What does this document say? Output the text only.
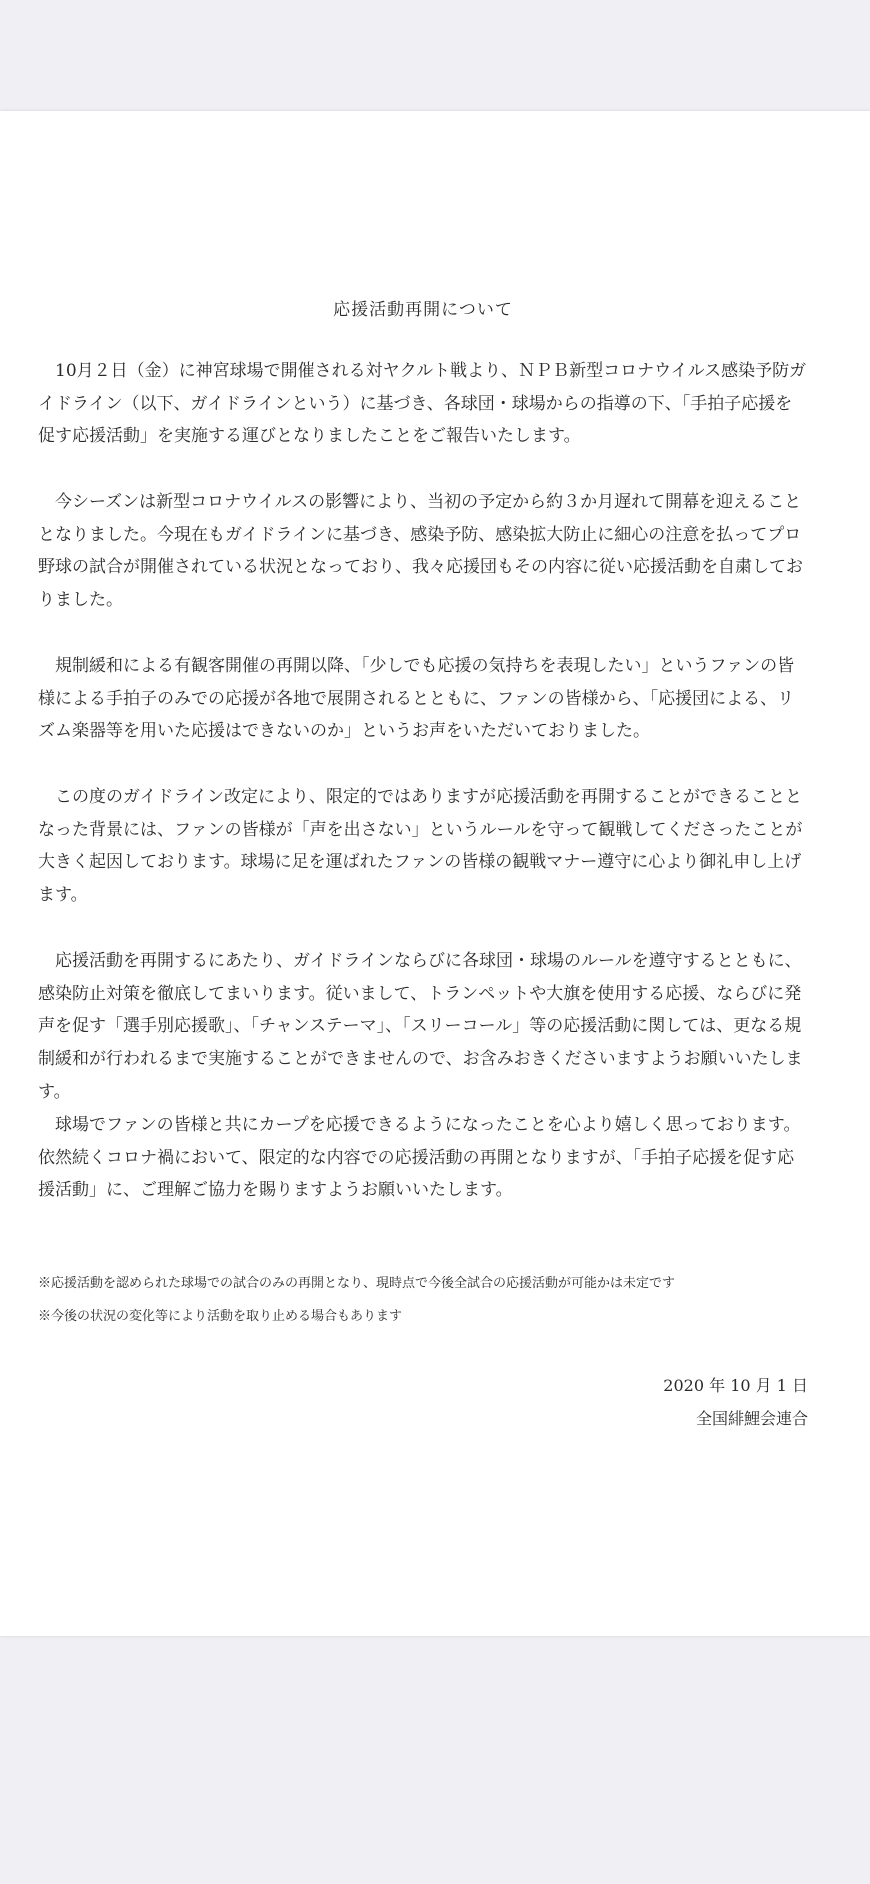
応援活動再開について
10月２日（金）に神宮球場で開催される対ヤクルト戦より、ＮＰＢ新型コロナウイルス感染予防ガイドライン（以下、ガイドラインという）に基づき、各球団・球場からの指導の下、「手拍子応援を促す応援活動」を実施する運びとなりましたことをご報告いたします。
今シーズンは新型コロナウイルスの影響により、当初の予定から約３か月遅れて開幕を迎えることとなりました。今現在もガイドラインに基づき、感染予防、感染拡大防止に細心の注意を払ってプロ野球の試合が開催されている状況となっており、我々応援団もその内容に従い応援活動を自粛しておりました。
規制緩和による有観客開催の再開以降、「少しでも応援の気持ちを表現したい」というファンの皆様による手拍子のみでの応援が各地で展開されるとともに、ファンの皆様から、「応援団による、リズム楽器等を用いた応援はできないのか」というお声をいただいておりました。
この度のガイドライン改定により、限定的ではありますが応援活動を再開することができることとなった背景には、ファンの皆様が「声を出さない」というルールを守って観戦してくださったことが大きく起因しております。球場に足を運ばれたファンの皆様の観戦マナー遵守に心より御礼申し上げます。
応援活動を再開するにあたり、ガイドラインならびに各球団・球場のルールを遵守するとともに、感染防止対策を徹底してまいります。従いまして、トランペットや大旗を使用する応援、ならびに発声を促す「選手別応援歌」、「チャンステーマ」、「スリーコール」等の応援活動に関しては、更なる規制緩和が行われるまで実施することができませんので、お含みおきくださいますようお願いいたします。
球場でファンの皆様と共にカープを応援できるようになったことを心より嬉しく思っております。依然続くコロナ禍において、限定的な内容での応援活動の再開となりますが、「手拍子応援を促す応援活動」に、ご理解ご協力を賜りますようお願いいたします。
※応援活動を認められた球場での試合のみの再開となり、現時点で今後全試合の応援活動が可能かは未定です
※今後の状況の変化等により活動を取り止める場合もあります
2020 年 10 月 1 日
全国緋鯉会連合
